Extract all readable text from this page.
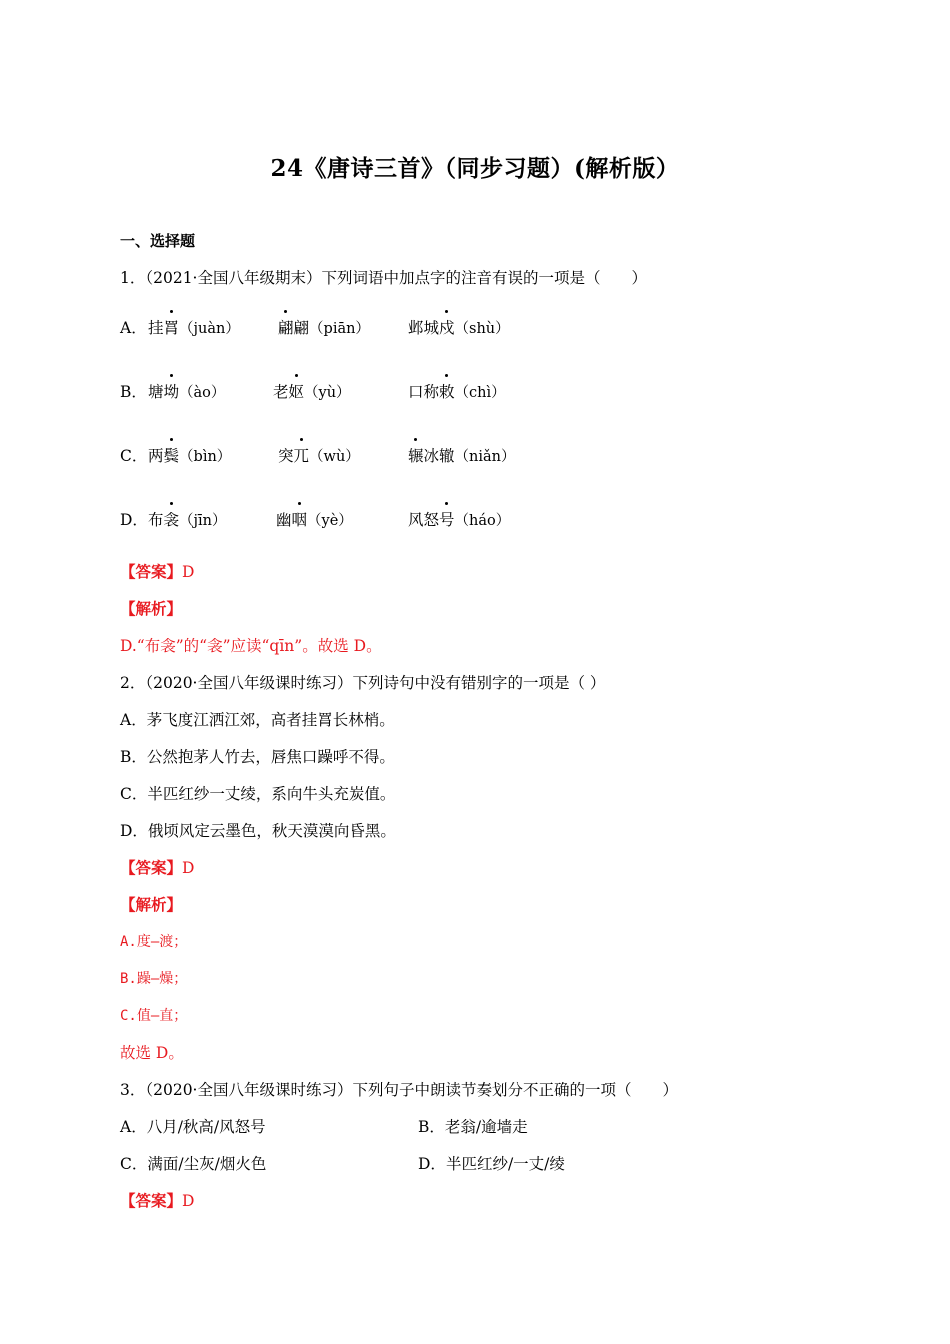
24《唐诗三首》（同步习题）(解析版）
一、选择题
1．（2021·全国八年级期末）下列词语中加点字的注音有误的一项是（　　）
A． 挂罥（juàn） 翩翩（piān） 邺城戍（shù）
B． 塘坳（ào）	老妪（yù）	口称敕（chì）
C． 两鬓（bìn）	突兀（wù）	辗冰辙（niǎn）
D． 布衾（jīn）	幽咽（yè）	风怒号（háo）
【答案】D
【解析】
D.“布衾”的“衾”应读“qīn”。故选 D。
2．（2020·全国八年级课时练习）下列诗句中没有错别字的一项是（ ）
A．茅飞度江洒江郊，高者挂罥长林梢。
B．公然抱茅人竹去，唇焦口躁呼不得。
C．半匹红纱一丈绫，系向牛头充炭值。
D．俄顷风定云墨色，秋天漠漠向昏黑。
【答案】D
【解析】
A.度—渡；
B.躁—燥；
C.值—直；
故选 D。
3．（2020·全国八年级课时练习）下列句子中朗读节奏划分不正确的一项（　　）
A．八月/秋高/风怒号	B．老翁/逾墙走
C．满面/尘灰/烟火色	D．半匹红纱/一丈/绫
【答案】D
